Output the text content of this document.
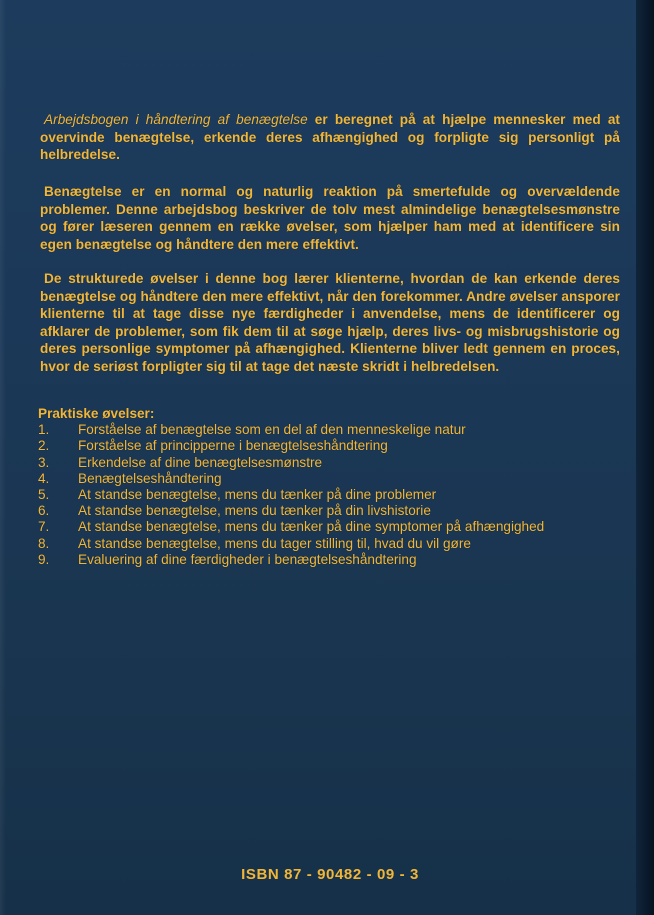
Arbejdsbogen i håndtering af benægtelse er beregnet på at hjælpe mennesker med at overvinde benægtelse, erkende deres afhængighed og forpligte sig personligt på helbredelse.

Benægtelse er en normal og naturlig reaktion på smertefulde og overvældende problemer. Denne arbejdsbog beskriver de tolv mest almindelige benægtelsesmønstre og fører læseren gennem en række øvelser, som hjælper ham med at identificere sin egen benægtelse og håndtere den mere effektivt.

De strukturede øvelser i denne bog lærer klienterne, hvordan de kan erkende deres benægtelse og håndtere den mere effektivt, når den forekommer. Andre øvelser ansporer klienterne til at tage disse nye færdigheder i anvendelse, mens de identificerer og afklarer de problemer, som fik dem til at søge hjælp, deres livs- og misbrugshistorie og deres personlige symptomer på afhængighed. Klienterne bliver ledt gennem en proces, hvor de seriøst forpligter sig til at tage det næste skridt i helbredelsen.

Praktiske øvelser:
1.	Forståelse af benægtelse som en del af den menneskelige natur
2.	Forståelse af principperne i benægtelseshåndtering
3.	Erkendelse af dine benægtelsesmønstre
4.	Benægtelseshåndtering
5.	At standse benægtelse, mens du tænker på dine problemer
6.	At standse benægtelse, mens du tænker på din livshistorie
7.	At standse benægtelse, mens du tænker på dine symptomer på afhængighed
8.	At standse benægtelse, mens du tager stilling til, hvad du vil gøre
9.	Evaluering af dine færdigheder i benægtelseshåndtering
ISBN 87 - 90482 - 09 - 3
